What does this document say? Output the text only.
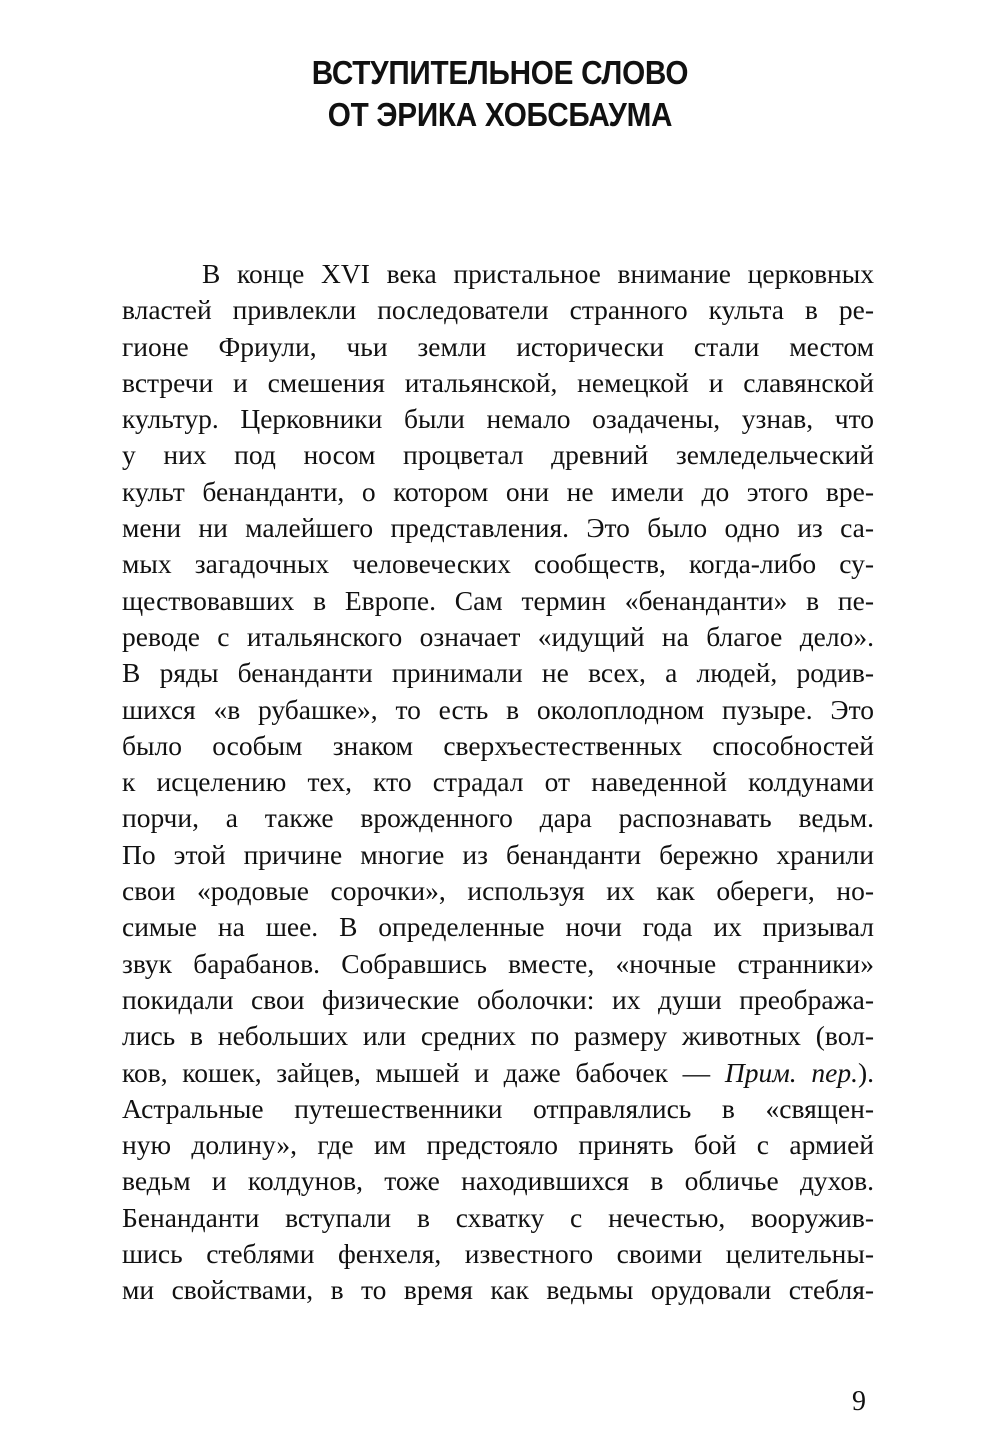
ВСТУПИТЕЛЬНОЕ СЛОВО
ОТ ЭРИКА ХОБСБАУМА
В конце XVI века пристальное внимание церковных
властей привлекли последователи странного культа в ре-
гионе Фриули, чьи земли исторически стали местом
встречи и смешения итальянской, немецкой и славянской
культур. Церковники были немало озадачены, узнав, что
у них под носом процветал древний земледельческий
культ бенанданти, о котором они не имели до этого вре-
мени ни малейшего представления. Это было одно из са-
мых загадочных человеческих сообществ, когда-либо су-
ществовавших в Европе. Сам термин «бенанданти» в пе-
реводе с итальянского означает «идущий на благое дело».
В ряды бенанданти принимали не всех, а людей, родив-
шихся «в рубашке», то есть в околоплодном пузыре. Это
было особым знаком сверхъестественных способностей
к исцелению тех, кто страдал от наведенной колдунами
порчи, а также врожденного дара распознавать ведьм.
По этой причине многие из бенанданти бережно хранили
свои «родовые сорочки», используя их как обереги, но-
симые на шее. В определенные ночи года их призывал
звук барабанов. Собравшись вместе, «ночные странники»
покидали свои физические оболочки: их души преобража-
лись в небольших или средних по размеру животных (вол-
ков, кошек, зайцев, мышей и даже бабочек — Прим. пер.).
Астральные путешественники отправлялись в «священ-
ную долину», где им предстояло принять бой с армией
ведьм и колдунов, тоже находившихся в обличье духов.
Бенанданти вступали в схватку с нечестью, вооружив-
шись стеблями фенхеля, известного своими целительны-
ми свойствами, в то время как ведьмы орудовали стебля-
9
